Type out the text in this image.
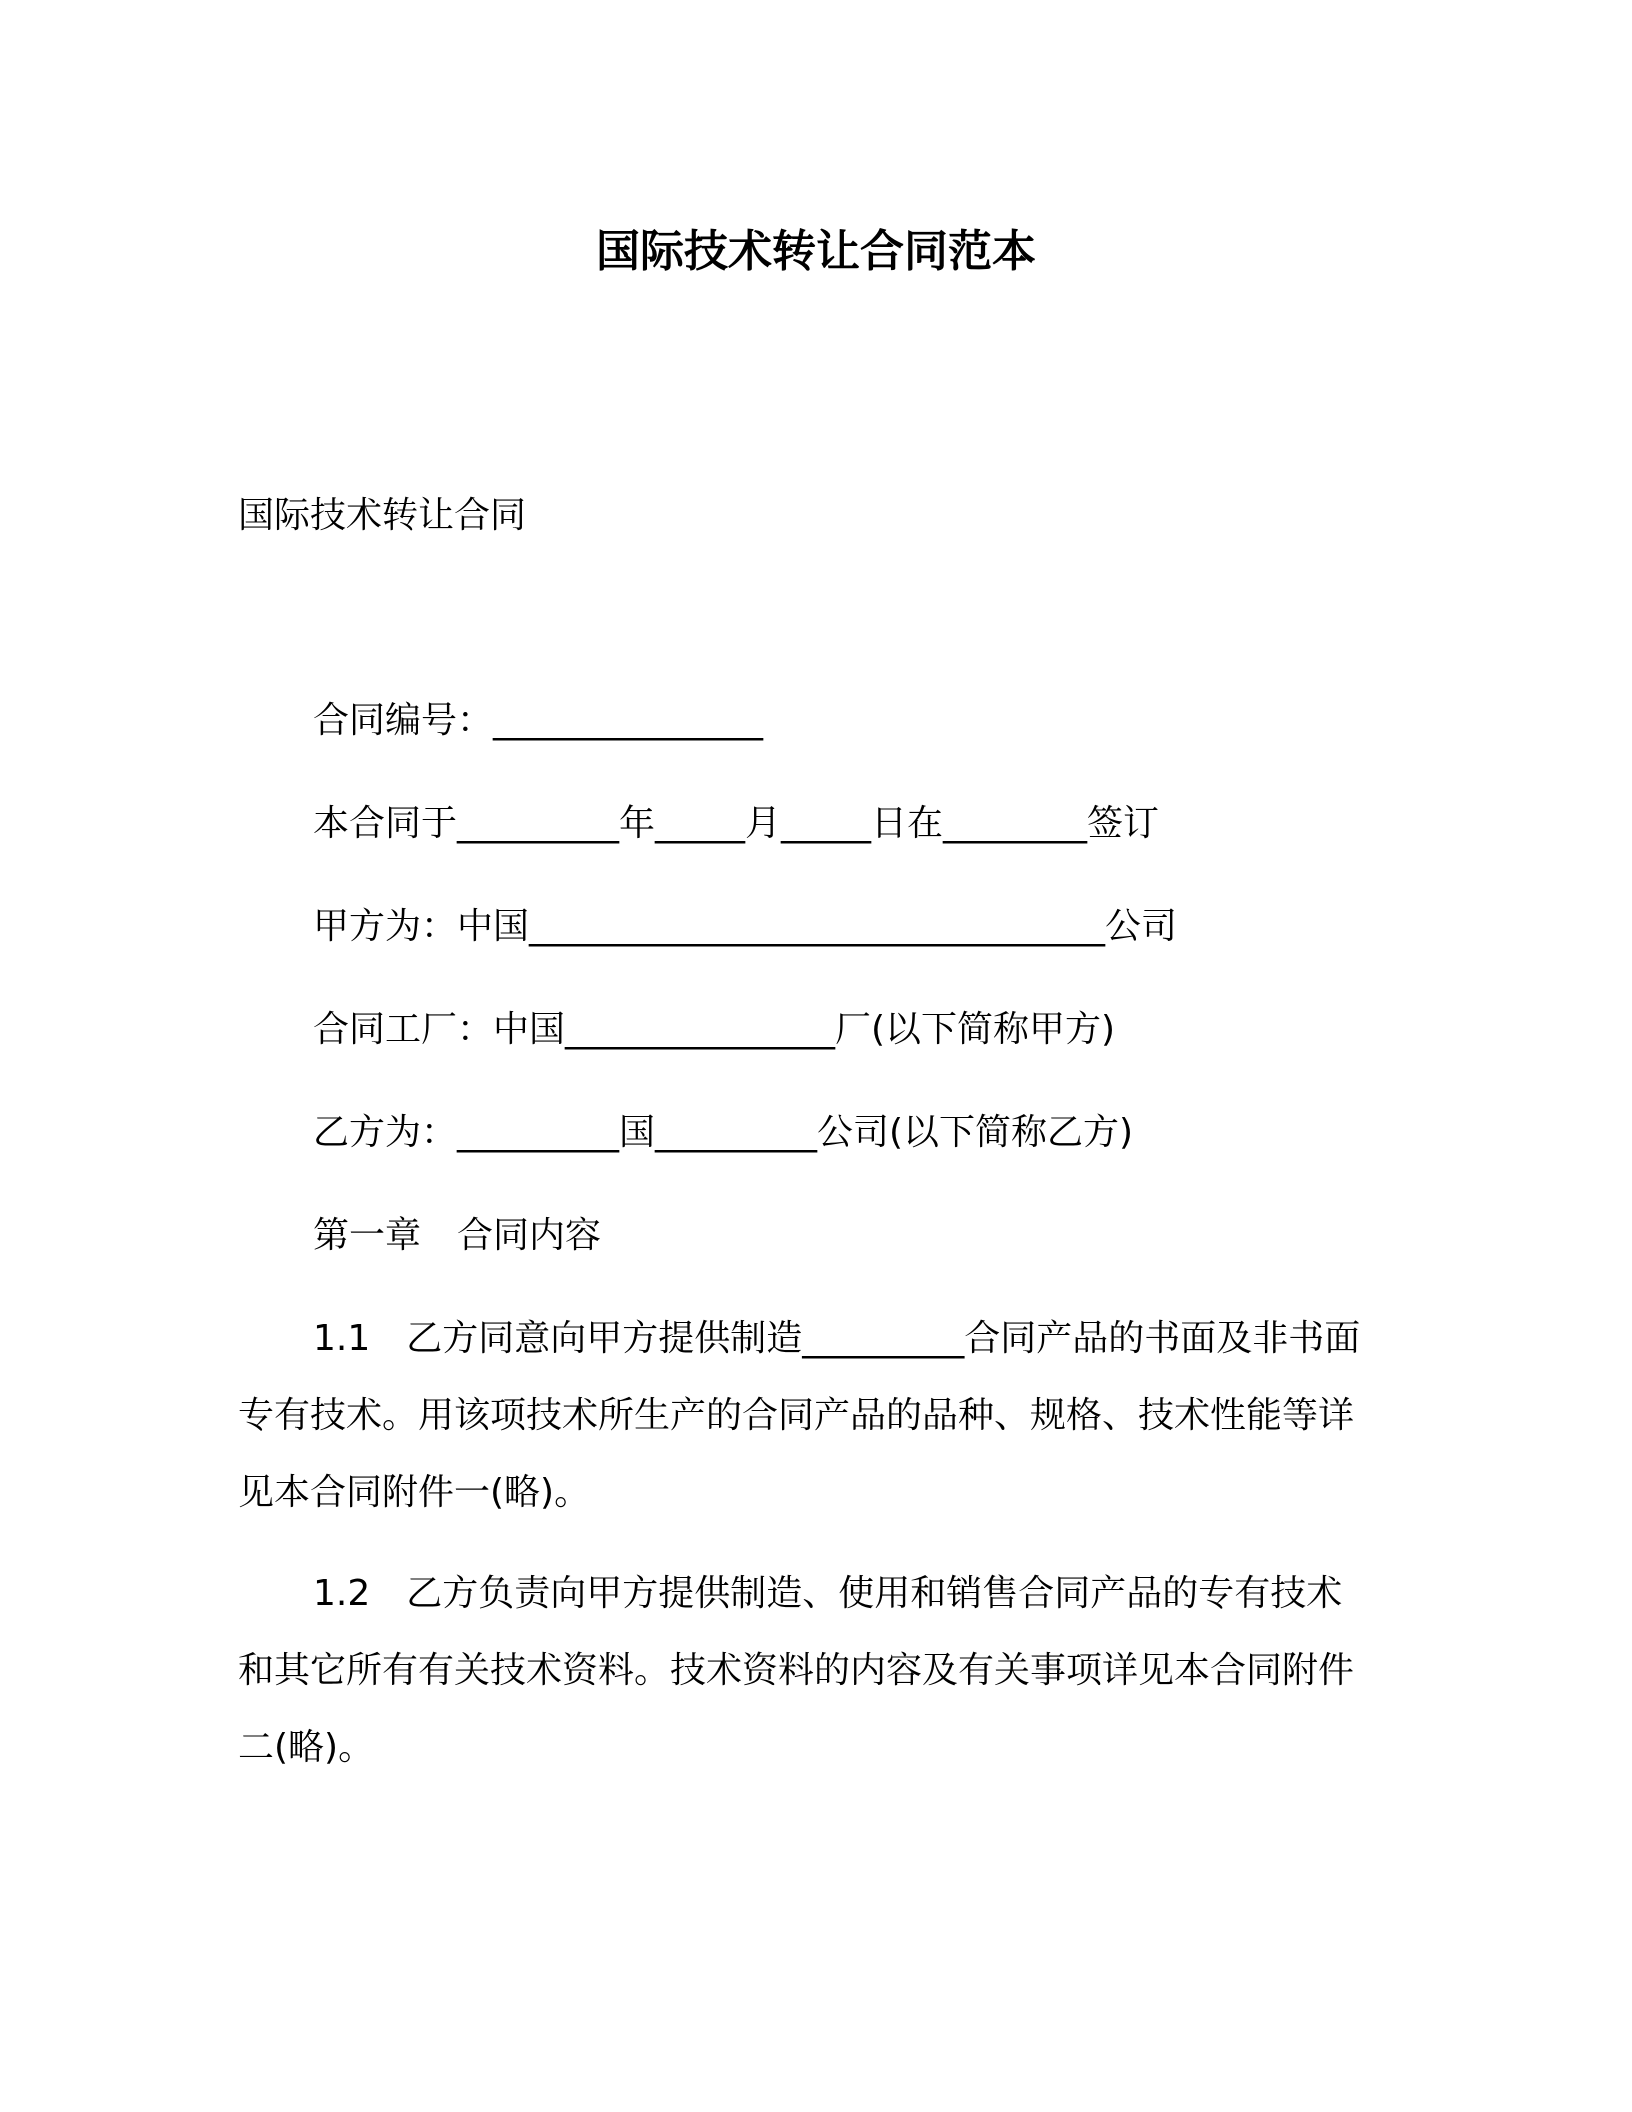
国际技术转让合同范本
国际技术转让合同
合同编号：_______________
本合同于_________年_____月_____日在________签订
甲方为：中国________________________________公司
合同工厂：中国_______________厂(以下简称甲方)
乙方为：_________国_________公司(以下简称乙方)
第一章　合同内容
1.1　乙方同意向甲方提供制造_________合同产品的书面及非书面专有技术。用该项技术所生产的合同产品的品种、规格、技术性能等详见本合同附件一(略)。
1.2　乙方负责向甲方提供制造、使用和销售合同产品的专有技术和其它所有有关技术资料。技术资料的内容及有关事项详见本合同附件二(略)。
